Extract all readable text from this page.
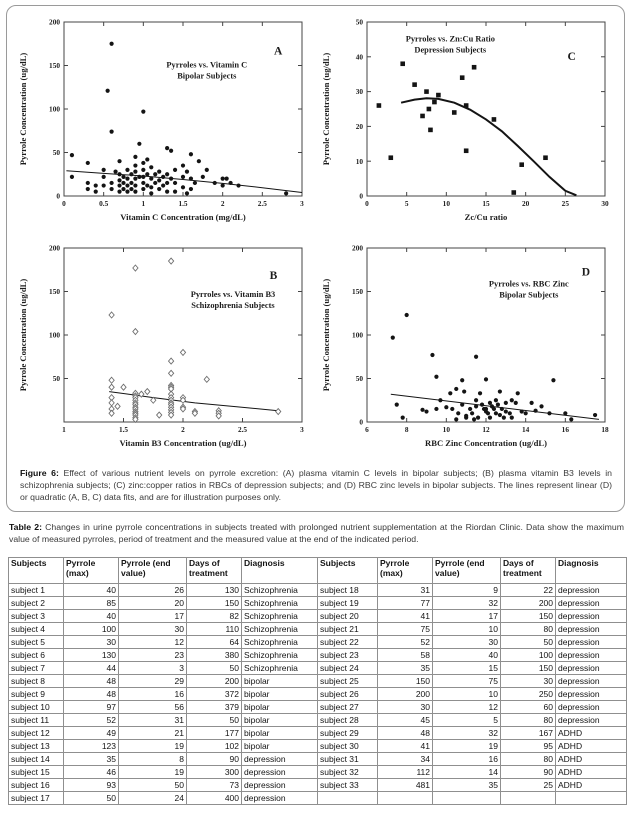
0	0.5	1	1.5	2	2.5	3
Vitamin C Concentration (mg/dL)
0
50
100
150
200
Pyrrole Concentration (ug/dL)	Pyrroles vs. Vitamin C
Bipolar Subjects
A
0	5	10	15	20	25	30
Zc/Cu ratio
0
10
20
30
40
50
Pyrrole Concentration (ug/dL)
Pyrroles vs. Zn:Cu Ratio
Depression Subjects
C
1	1.5	2	2.5	3
Vitamin B3 Concentration (ug/dL)
50
100
150
200
Pyrrole Concentration (ug/dL)	Pyrroles vs. Vitamin B3
Schizophrenia Subjects
B
6	8	10	12	14	16	18
RBC Zinc Concentration (ug/dL)
0
50
100
150
200
Pyrrole Concentration (ug/dL)	Pyrroles vs. RBC Zinc
Bipolar Subjects
D

Figure 6: Effect of various nutrient levels on pyrrole excretion: (A) plasma vitamin C levels in bipolar subjects; (B) plasma vitamin B3 levels in schizophrenia subjects; (C) zinc:copper ratios in RBCs of depression subjects; and (D) RBC zinc levels in bipolar subjects. The lines represent linear (D) or quadratic (A, B, C) data fits, and are for illustration purposes only.

Table 2: Changes in urine pyrrole concentrations in subjects treated with prolonged nutrient supplementation at the Riordan Clinic. Data show the maximum value of measured pyrroles, period of treatment and the measured value at the end of the indicated period.

Subjects	Pyrrole (max)	Pyrrole (end value)	Days of treatment	Diagnosis	Subjects	Pyrrole (max)	Pyrrole (end value)	Days of treatment	Diagnosis
subject 1	40	26	130	Schizophrenia	subject 18	31	9	22	depression
subject 2	85	20	150	Schizophrenia	subject 19	77	32	200	depression
subject 3	40	17	82	Schizophrenia	subject 20	41	17	150	depression
subject 4	100	30	110	Schizophrenia	subject 21	75	10	80	depression
subject 5	30	12	64	Schizophrenia	subject 22	52	30	50	depression
subject 6	130	23	380	Schizophrenia	subject 23	58	40	100	depression
subject 7	44	3	50	Schizophrenia	subject 24	35	15	150	depression
subject 8	48	29	200	bipolar	subject 25	150	75	30	depression
subject 9	48	16	372	bipolar	subject 26	200	10	250	depression
subject 10	97	56	379	bipolar	subject 27	30	12	60	depression
subject 11	52	31	50	bipolar	subject 28	45	5	80	depression
subject 12	49	21	177	bipolar	subject 29	48	32	167	ADHD
subject 13	123	19	102	bipolar	subject 30	41	19	95	ADHD
subject 14	35	8	90	depression	subject 31	34	16	80	ADHD
subject 15	46	19	300	depression	subject 32	112	14	90	ADHD
subject 16	93	50	73	depression	subject 33	481	35	25	ADHD
subject 17	50	24	400	depression					
